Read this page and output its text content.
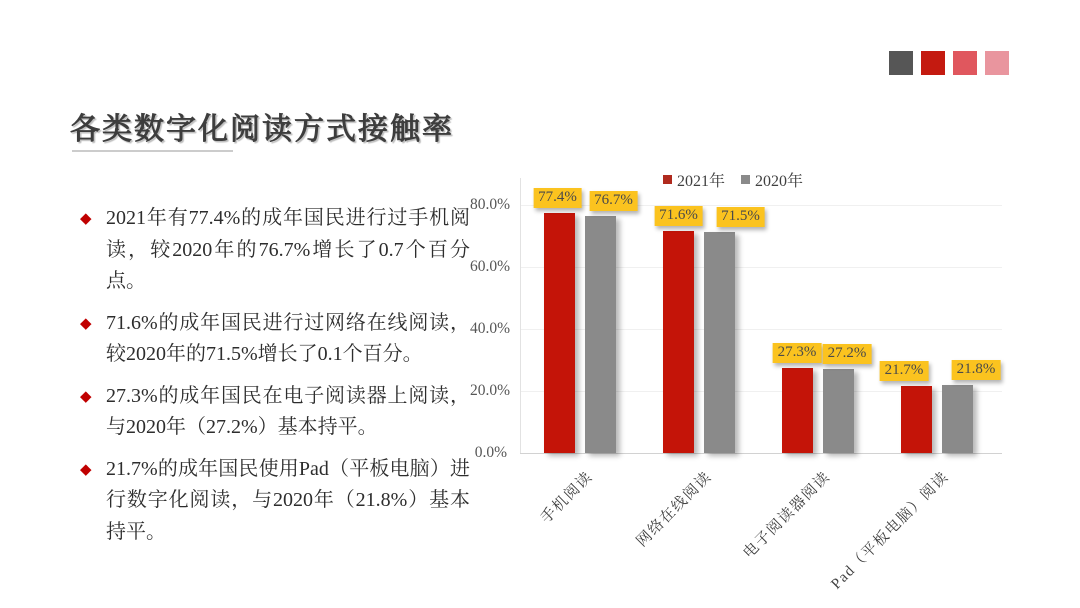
各类数字化阅读方式接触率
◆ 2021年有77.4%的成年国民进行过手机阅读，较2020年的76.7%增长了0.7个百分点。
◆ 71.6%的成年国民进行过网络在线阅读，较2020年的71.5%增长了0.1个百分。
◆ 27.3%的成年国民在电子阅读器上阅读，与2020年（27.2%）基本持平。
◆ 21.7%的成年国民使用Pad（平板电脑）进行数字化阅读，与2020年（21.8%）基本持平。
2021年 2020年
80.0%
60.0%
40.0%
20.0%
0.0%
77.4%	76.7%
手机阅读
71.6%	71.5%
网络在线阅读
27.3% 27.2%
电子阅读器阅读
21.7%	21.8%
Pad（平板电脑）阅读
